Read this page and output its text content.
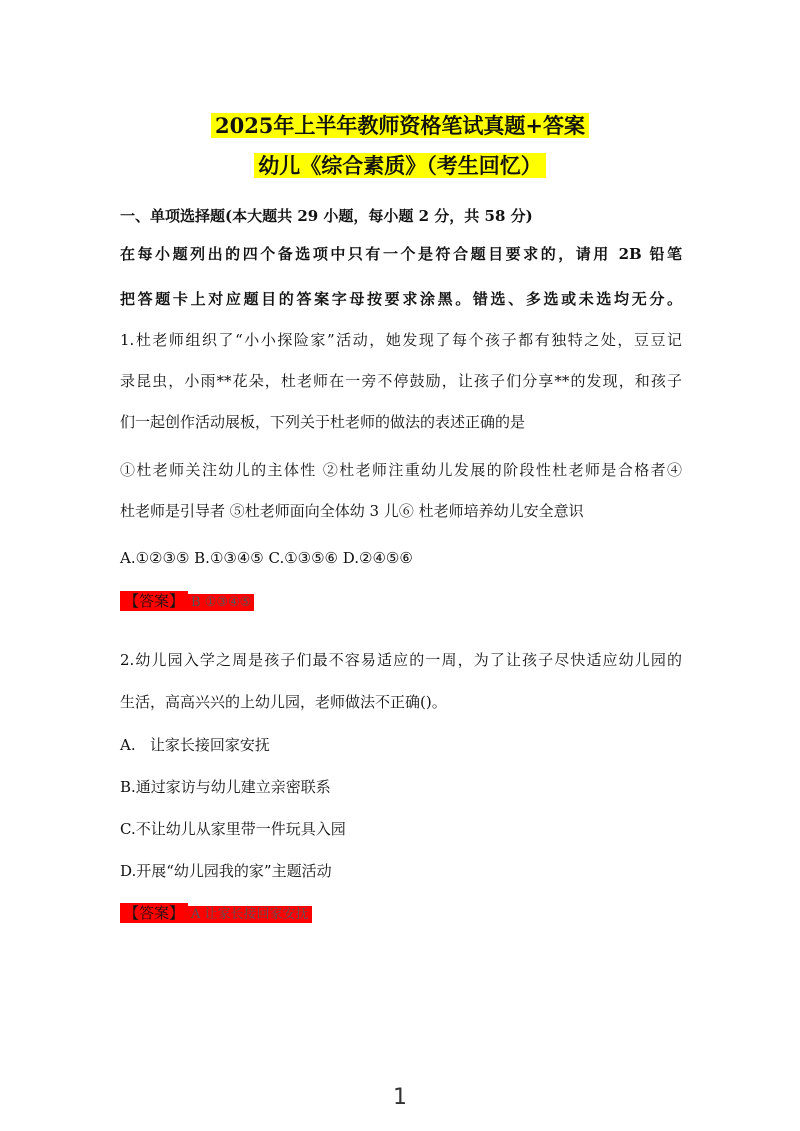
2025年上半年教师资格笔试真题+答案
幼儿《综合素质》（考生回忆）
一、单项选择题(本大题共 29 小题，每小题 2 分，共 58 分)
在每小题列出的四个备选项中只有一个是符合题目要求的，请用 2B 铅笔
把答题卡上对应题目的答案字母按要求涂黑。错选、多选或未选均无分。
1.杜老师组织了“小小探险家”活动，她发现了每个孩子都有独特之处，豆豆记
录昆虫，小雨**花朵，杜老师在一旁不停鼓励，让孩子们分享**的发现，和孩子
们一起创作活动展板，下列关于杜老师的做法的表述正确的是
①杜老师关注幼儿的主体性 ②杜老师注重幼儿发展的阶段性杜老师是合格者④
杜老师是引导者 ⑤杜老师面向全体幼 3 儿⑥ 杜老师培养幼儿安全意识
A.①②③⑤ B.①③④⑤ C.①③⑤⑥ D.②④⑤⑥
【答案】 B ①③④⑤
2.幼儿园入学之周是孩子们最不容易适应的一周，为了让孩子尽快适应幼儿园的
生活，高高兴兴的上幼儿园，老师做法不正确()。
A.   让家长接回家安抚
B.通过家访与幼儿建立亲密联系
C.不让幼儿从家里带一件玩具入园
D.开展“幼儿园我的家”主题活动
【答案】 A 让家长接回家安抚
1
